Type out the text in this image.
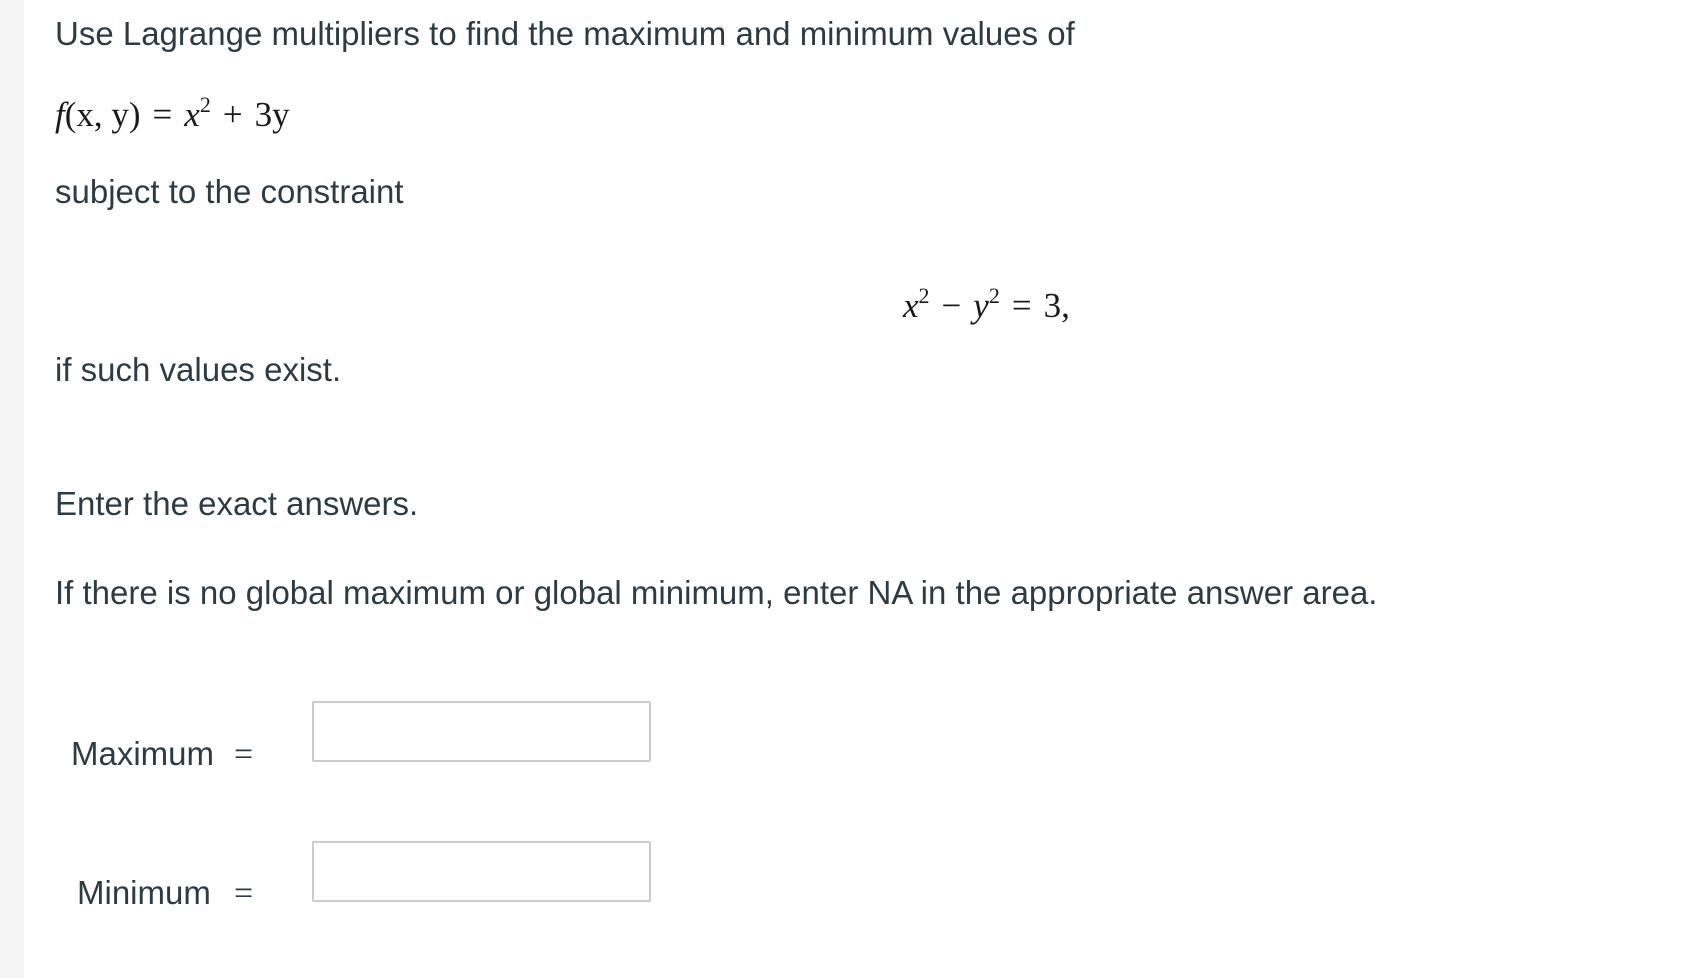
Use Lagrange multipliers to find the maximum and minimum values of
f(x, $y) = x^2 + 3y$
subject to the constraint
$x^2 - y^2 = 3$,
if such values exist.
Enter the exact answers.
If there is no global maximum or global minimum, enter NA in the appropriate answer area.
Maximum =
Minimum =
